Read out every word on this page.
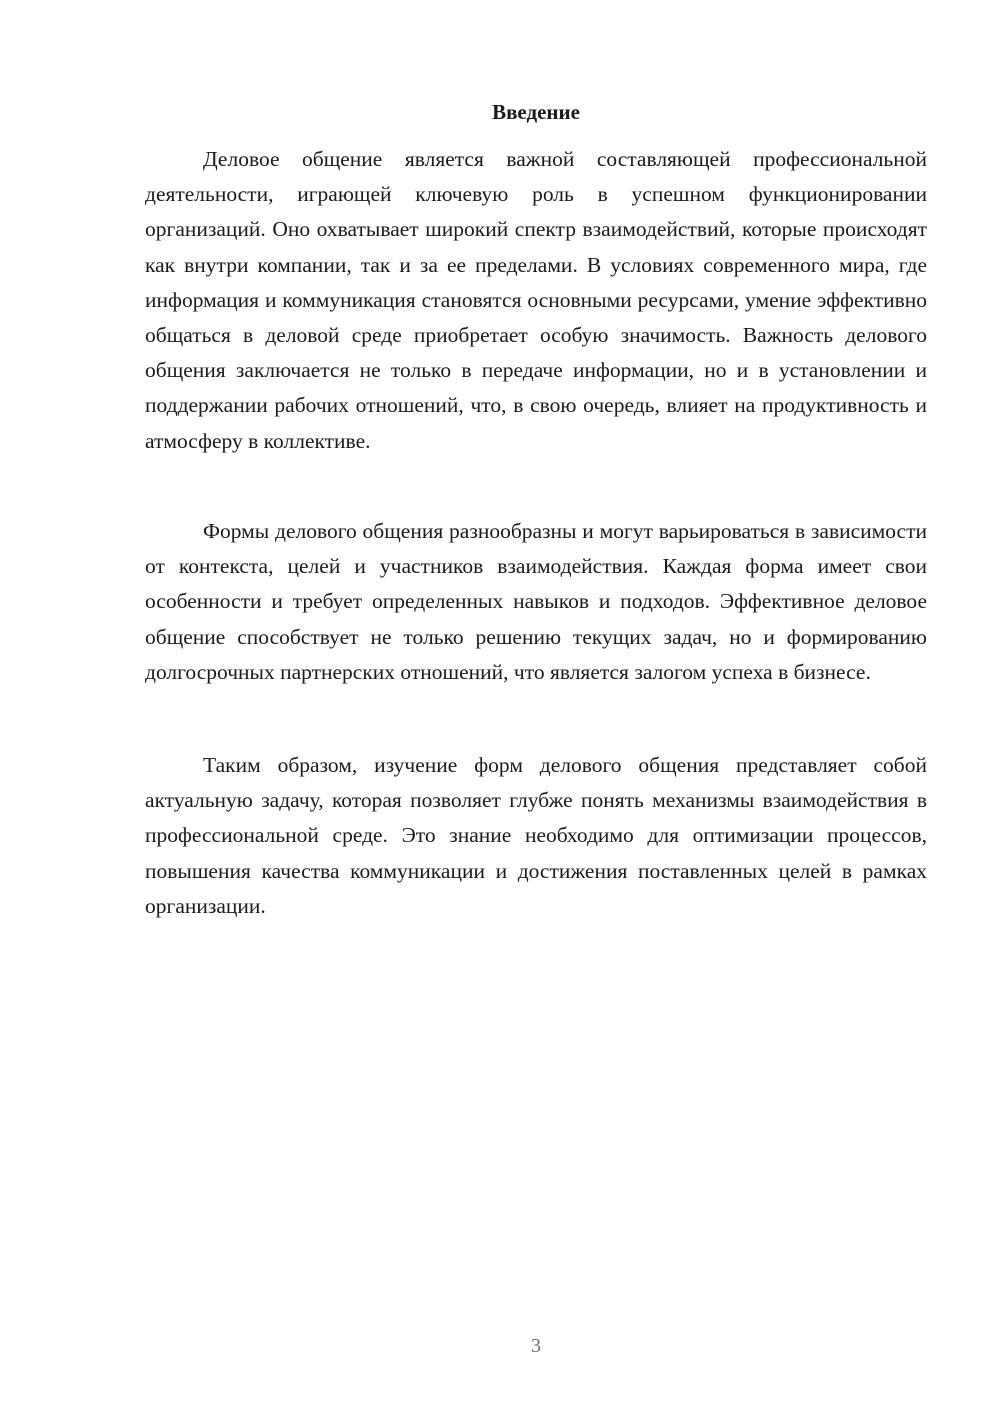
Введение

Деловое общение является важной составляющей профессиональной деятельности, играющей ключевую роль в успешном функционировании организаций. Оно охватывает широкий спектр взаимодействий, которые происходят как внутри компании, так и за ее пределами. В условиях современного мира, где информация и коммуникация становятся основными ресурсами, умение эффективно общаться в деловой среде приобретает особую значимость. Важность делового общения заключается не только в передаче информации, но и в установлении и поддержании рабочих отношений, что, в свою очередь, влияет на продуктивность и атмосферу в коллективе.

Формы делового общения разнообразны и могут варьироваться в зависимости от контекста, целей и участников взаимодействия. Каждая форма имеет свои особенности и требует определенных навыков и подходов. Эффективное деловое общение способствует не только решению текущих задач, но и формированию долгосрочных партнерских отношений, что является залогом успеха в бизнесе.

Таким образом, изучение форм делового общения представляет собой актуальную задачу, которая позволяет глубже понять механизмы взаимодействия в профессиональной среде. Это знание необходимо для оптимизации процессов, повышения качества коммуникации и достижения поставленных целей в рамках организации.

3
